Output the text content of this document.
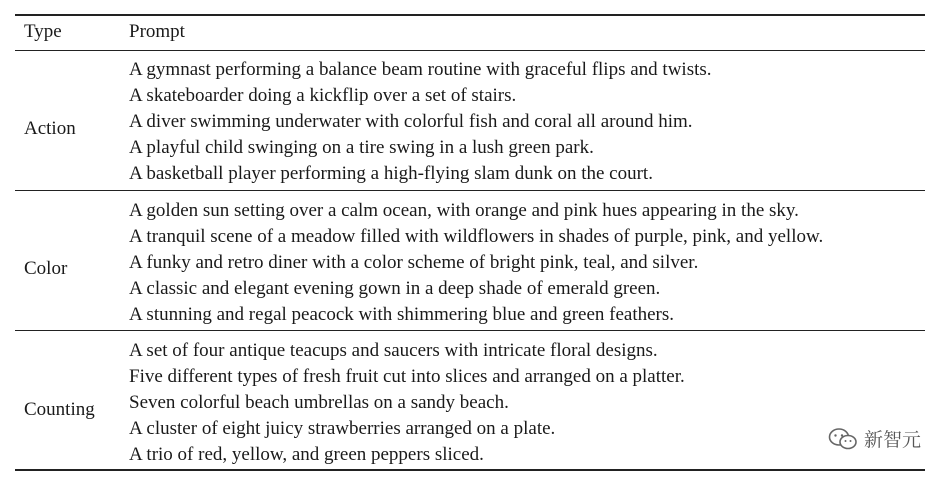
Type	Prompt
Action
A gymnast performing a balance beam routine with graceful flips and twists.
A skateboarder doing a kickflip over a set of stairs.
A diver swimming underwater with colorful fish and coral all around him.
A playful child swinging on a tire swing in a lush green park.
A basketball player performing a high-flying slam dunk on the court.
Color
A golden sun setting over a calm ocean, with orange and pink hues appearing in the sky.
A tranquil scene of a meadow filled with wildflowers in shades of purple, pink, and yellow.
A funky and retro diner with a color scheme of bright pink, teal, and silver.
A classic and elegant evening gown in a deep shade of emerald green.
A stunning and regal peacock with shimmering blue and green feathers.
Counting
A set of four antique teacups and saucers with intricate floral designs.
Five different types of fresh fruit cut into slices and arranged on a platter.
Seven colorful beach umbrellas on a sandy beach.
A cluster of eight juicy strawberries arranged on a plate.
A trio of red, yellow, and green peppers sliced.
新智元
